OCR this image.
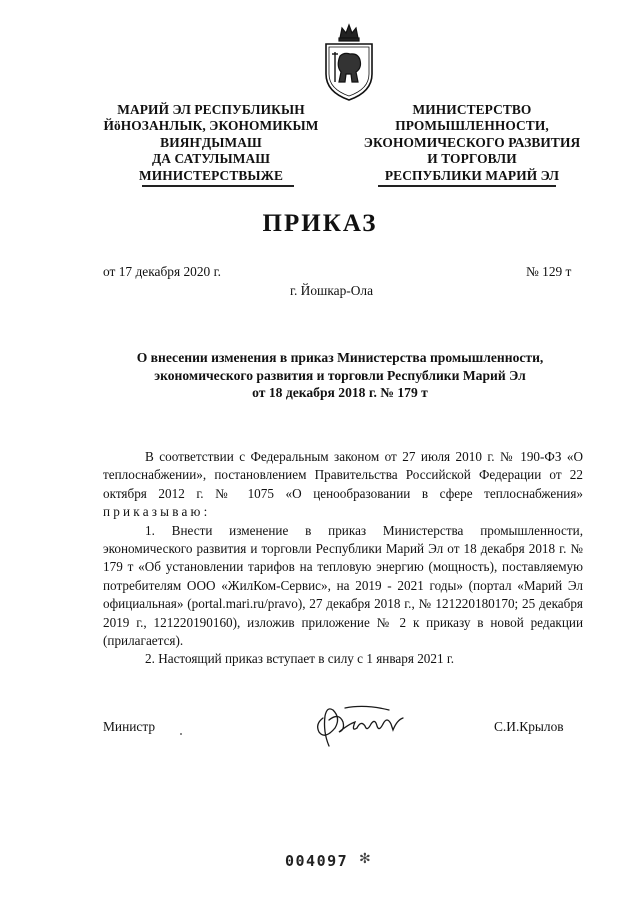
МАРИЙ ЭЛ РЕСПУБЛИКЫН
ЙӧНОЗАНЛЫК, ЭКОНОМИКЫМ
ВИЯҤДЫМАШ
ДА САТУЛЫМАШ
МИНИСТЕРСТВЫЖЕ
МИНИСТЕРСТВО
ПРОМЫШЛЕННОСТИ,
ЭКОНОМИЧЕСКОГО РАЗВИТИЯ
И ТОРГОВЛИ
РЕСПУБЛИКИ МАРИЙ ЭЛ
ПРИКАЗ
от 17 декабря 2020 г.	№ 129 т
г. Йошкар-Ола
О внесении изменения в приказ Министерства промышленности,
экономического развития и торговли Республики Марий Эл
от 18 декабря 2018 г. № 179 т
В соответствии с Федеральным законом от 27 июля 2010 г. № 190-ФЗ «О теплоснабжении», постановлением Правительства Российской Федерации от 22 октября 2012 г. № 1075 «О ценообразовании в сфере теплоснабжения» приказываю:
1. Внести изменение в приказ Министерства промышленности, экономического развития и торговли Республики Марий Эл от 18 декабря 2018 г. № 179 т «Об установлении тарифов на тепловую энергию (мощность), поставляемую потребителям ООО «ЖилКом-Сервис», на 2019 - 2021 годы» (портал «Марий Эл официальная» (portal.mari.ru/pravo), 27 декабря 2018 г., № 121220180170; 25 декабря 2019 г., 121220190160), изложив приложение № 2 к приказу в новой редакции (прилагается).
2. Настоящий приказ вступает в силу с 1 января 2021 г.
Министр	С.И.Крылов
004097 ✻
